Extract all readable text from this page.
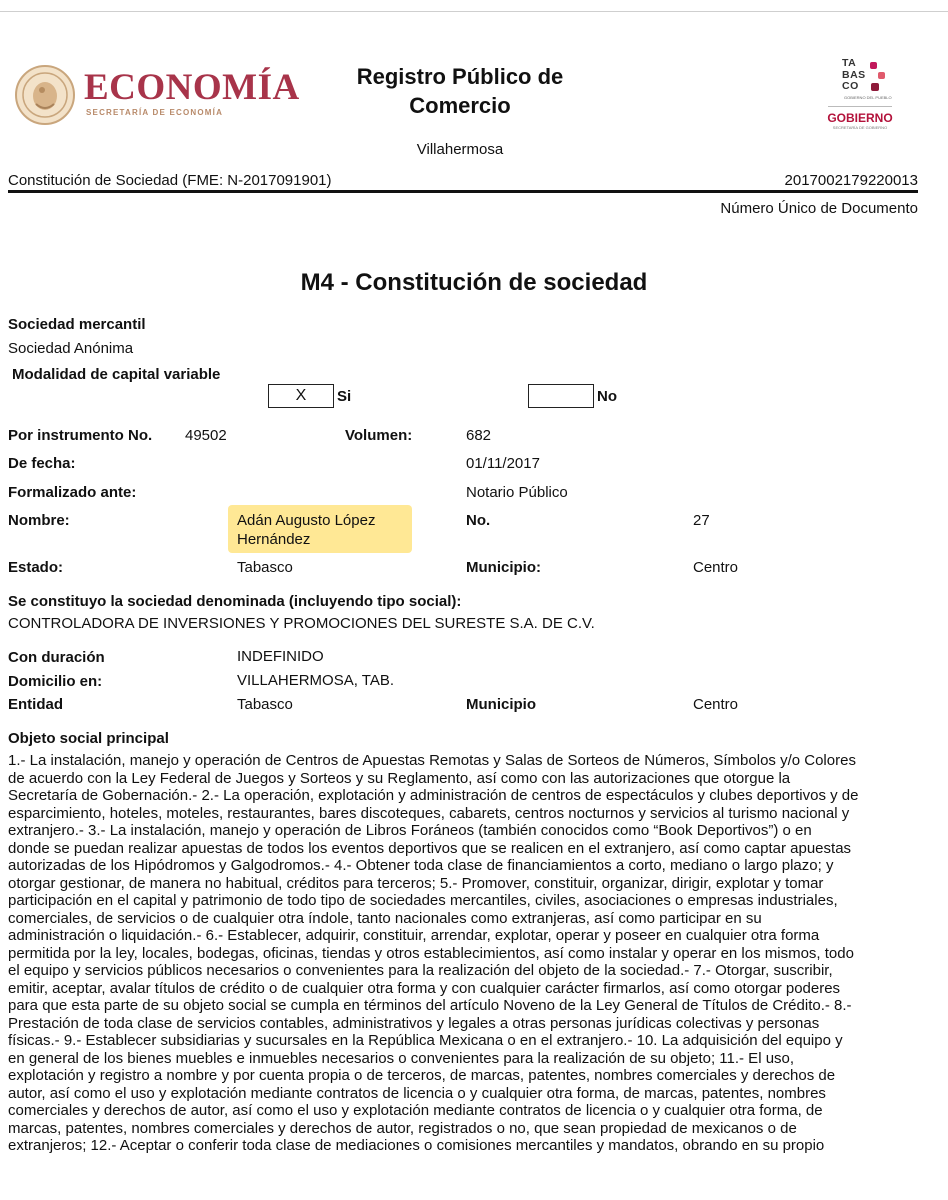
ECONOMÍA
SECRETARÍA DE ECONOMÍA
Registro Público de
Comercio
Villahermosa
TA
BAS
CO
GOBIERNO DEL PUEBLO
GOBIERNO
SECRETARÍA DE GOBIERNO
Constitución de Sociedad (FME: N-2017091901)	2017002179220013
Número Único de Documento
M4 - Constitución de sociedad
Sociedad mercantil
Sociedad Anónima
Modalidad de capital variable
X	Si	No
Por instrumento No. 49502	Volumen:	682
De fecha:	01/11/2017
Formalizado ante:	Notario Público
Nombre:	Adán Augusto López
Hernández
No.	27
Estado:	Tabasco	Municipio:	Centro
Se constituyo la sociedad denominada (incluyendo tipo social):
CONTROLADORA DE INVERSIONES Y PROMOCIONES DEL SURESTE S.A. DE C.V.
Con duración	INDEFINIDO
Domicilio en:	VILLAHERMOSA, TAB.
Entidad	Tabasco	Municipio	Centro
Objeto social principal
1.- La instalación, manejo y operación de Centros de Apuestas Remotas y Salas de Sorteos de Números, Símbolos y/o Colores
de acuerdo con la Ley Federal de Juegos y Sorteos y su Reglamento, así como con las autorizaciones que otorgue la
Secretaría de Gobernación.- 2.- La operación, explotación y administración de centros de espectáculos y clubes deportivos y de
esparcimiento, hoteles, moteles, restaurantes, bares discoteques, cabarets, centros nocturnos y servicios al turismo nacional y
extranjero.- 3.- La instalación, manejo y operación de Libros Foráneos (también conocidos como “Book Deportivos”) o en
donde se puedan realizar apuestas de todos los eventos deportivos que se realicen en el extranjero, así como captar apuestas
autorizadas de los Hipódromos y Galgodromos.- 4.- Obtener toda clase de financiamientos a corto, mediano o largo plazo; y
otorgar gestionar, de manera no habitual, créditos para terceros; 5.- Promover, constituir, organizar, dirigir, explotar y tomar
participación en el capital y patrimonio de todo tipo de sociedades mercantiles, civiles, asociaciones o empresas industriales,
comerciales, de servicios o de cualquier otra índole, tanto nacionales como extranjeras, así como participar en su
administración o liquidación.- 6.- Establecer, adquirir, constituir, arrendar, explotar, operar y poseer en cualquier otra forma
permitida por la ley, locales, bodegas, oficinas, tiendas y otros establecimientos, así como instalar y operar en los mismos, todo
el equipo y servicios públicos necesarios o convenientes para la realización del objeto de la sociedad.- 7.- Otorgar, suscribir,
emitir, aceptar, avalar títulos de crédito o de cualquier otra forma y con cualquier carácter firmarlos, así como otorgar poderes
para que esta parte de su objeto social se cumpla en términos del artículo Noveno de la Ley General de Títulos de Crédito.- 8.-
Prestación de toda clase de servicios contables, administrativos y legales a otras personas jurídicas colectivas y personas
físicas.- 9.- Establecer subsidiarias y sucursales en la República Mexicana o en el extranjero.- 10. La adquisición del equipo y
en general de los bienes muebles e inmuebles necesarios o convenientes para la realización de su objeto; 11.- El uso,
explotación y registro a nombre y por cuenta propia o de terceros, de marcas, patentes, nombres comerciales y derechos de
autor, así como el uso y explotación mediante contratos de licencia o y cualquier otra forma, de marcas, patentes, nombres
comerciales y derechos de autor, así como el uso y explotación mediante contratos de licencia o y cualquier otra forma, de
marcas, patentes, nombres comerciales y derechos de autor, registrados o no, que sean propiedad de mexicanos o de
extranjeros; 12.- Aceptar o conferir toda clase de mediaciones o comisiones mercantiles y mandatos, obrando en su propio
